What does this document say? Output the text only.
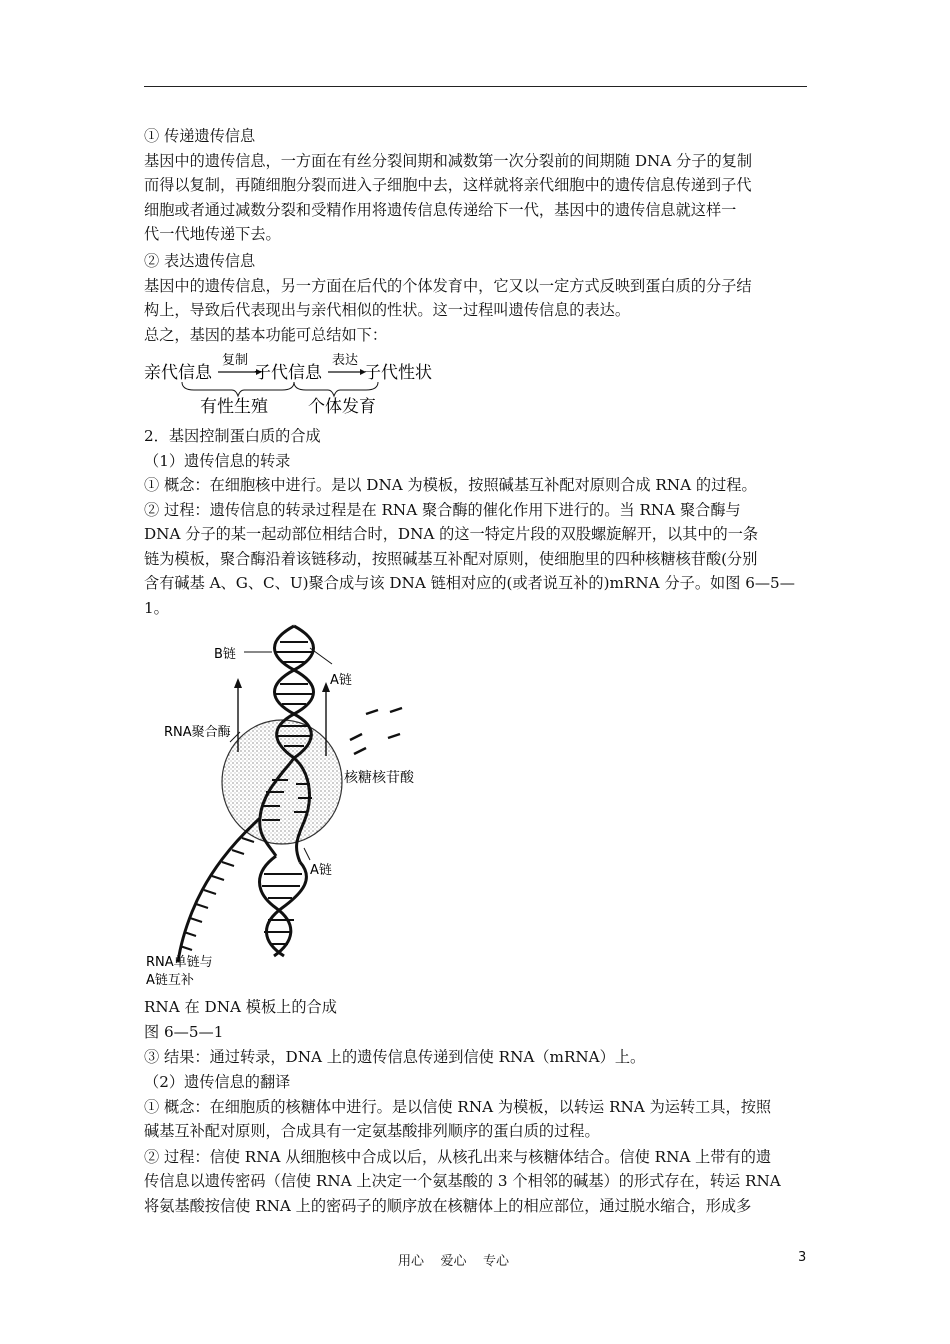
① 传递遗传信息
基因中的遗传信息，一方面在有丝分裂间期和减数第一次分裂前的间期随 DNA 分子的复制
而得以复制，再随细胞分裂而进入子细胞中去，这样就将亲代细胞中的遗传信息传递到子代
细胞或者通过减数分裂和受精作用将遗传信息传递给下一代，基因中的遗传信息就这样一
代一代地传递下去。
② 表达遗传信息
基因中的遗传信息，另一方面在后代的个体发育中，它又以一定方式反映到蛋白质的分子结
构上，导致后代表现出与亲代相似的性状。这一过程叫遗传信息的表达。
总之，基因的基本功能可总结如下：
亲代信息
复制
子代信息
表达
子代性状
有性生殖 个体发育
2．基因控制蛋白质的合成
（1）遗传信息的转录
① 概念：在细胞核中进行。是以 DNA 为模板，按照碱基互补配对原则合成 RNA 的过程。
② 过程：遗传信息的转录过程是在 RNA 聚合酶的催化作用下进行的。当 RNA 聚合酶与
DNA 分子的某一起动部位相结合时，DNA 的这一特定片段的双股螺旋解开，以其中的一条
链为模板，聚合酶沿着该链移动，按照碱基互补配对原则，使细胞里的四种核糖核苷酸(分别
含有碱基 A、G、C、U)聚合成与该 DNA 链相对应的(或者说互补的)mRNA 分子。如图 6—5—
1。
B链
A链
RNA聚合酶
核糖核苷酸
A链
RNA单链与
A链互补
RNA 在 DNA 模板上的合成
图 6—5—1
③ 结果：通过转录，DNA 上的遗传信息传递到信使 RNA（mRNA）上。
（2）遗传信息的翻译
① 概念：在细胞质的核糖体中进行。是以信使 RNA 为模板，以转运 RNA 为运转工具，按照
碱基互补配对原则，合成具有一定氨基酸排列顺序的蛋白质的过程。
② 过程：信使 RNA 从细胞核中合成以后，从核孔出来与核糖体结合。信使 RNA 上带有的遗
传信息以遗传密码（信使 RNA 上决定一个氨基酸的 3 个相邻的碱基）的形式存在，转运 RNA
将氨基酸按信使 RNA 上的密码子的顺序放在核糖体上的相应部位，通过脱水缩合，形成多
用心    爱心    专心	3
